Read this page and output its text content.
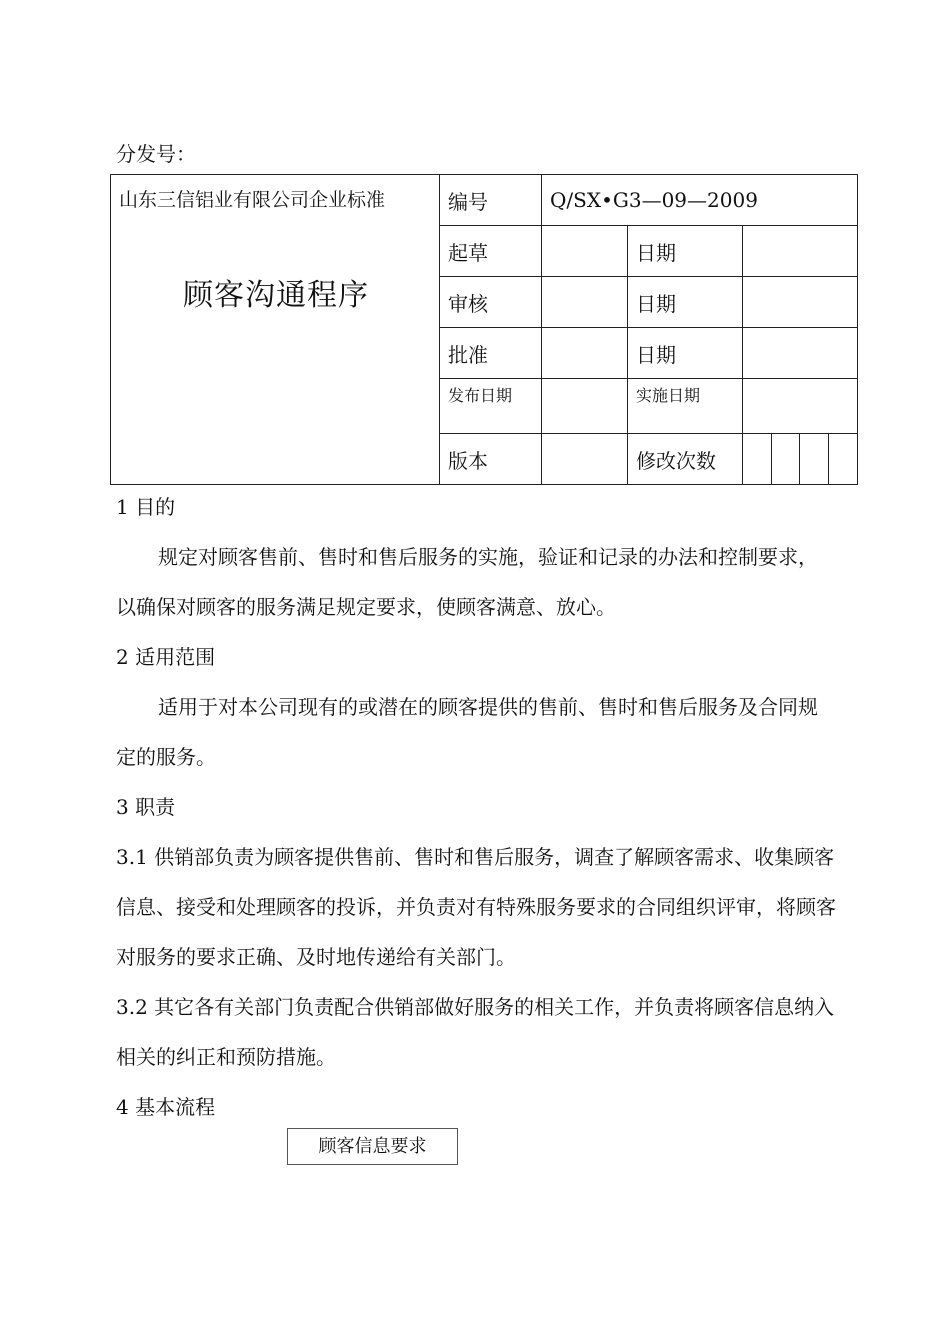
分发号：
山东三信铝业有限公司企业标准
顾客沟通程序	编号	Q/SX•G3—09—2009					
	起草		日期				
	审核		日期				
	批准		日期				
	发布日期		实施日期				
	版本		修改次数				

1 目的

规定对顾客售前、售时和售后服务的实施，验证和记录的办法和控制要求，以确保对顾客的服务满足规定要求，使顾客满意、放心。

2 适用范围

适用于对本公司现有的或潜在的顾客提供的售前、售时和售后服务及合同规定的服务。

3 职责

3.1 供销部负责为顾客提供售前、售时和售后服务，调查了解顾客需求、收集顾客信息、接受和处理顾客的投诉，并负责对有特殊服务要求的合同组织评审，将顾客对服务的要求正确、及时地传递给有关部门。

3.2 其它各有关部门负责配合供销部做好服务的相关工作，并负责将顾客信息纳入相关的纠正和预防措施。

4 基本流程

顾客信息要求
